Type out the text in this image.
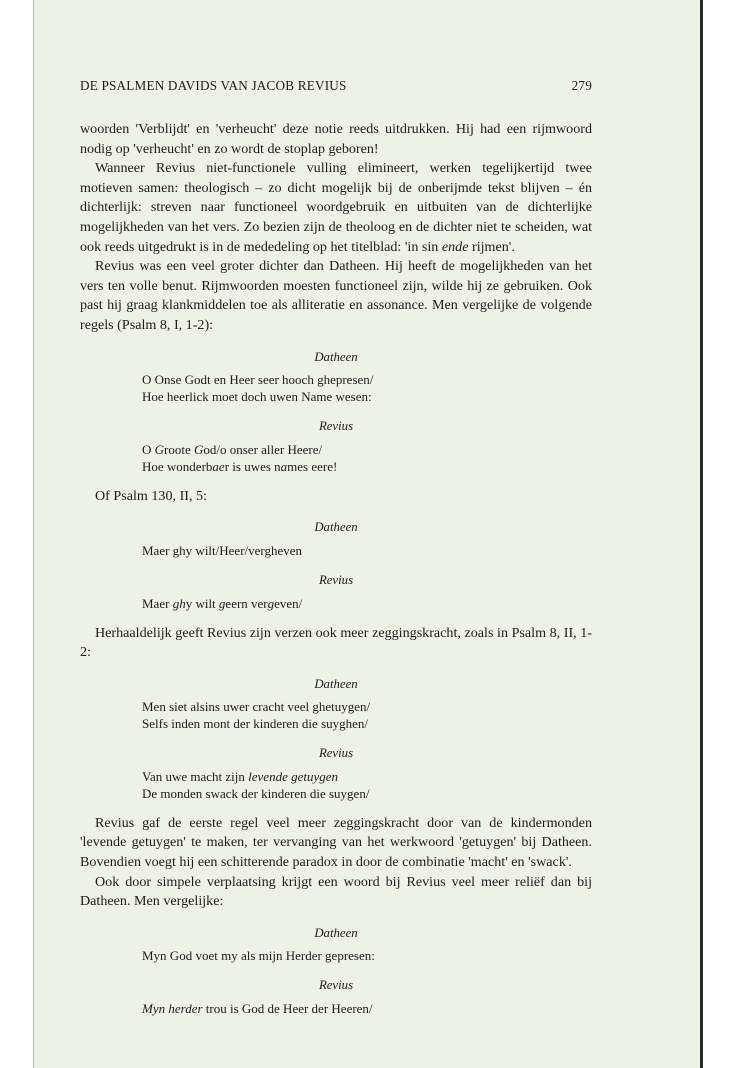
DE PSALMEN DAVIDS VAN JACOB REVIUS	279

woorden 'Verblijdt' en 'verheucht' deze notie reeds uitdrukken. Hij had een rijmwoord nodig op 'verheucht' en zo wordt de stoplap geboren!

Wanneer Revius niet-functionele vulling elimineert, werken tegelijkertijd twee motieven samen: theologisch – zo dicht mogelijk bij de onberijmde tekst blijven – én dichterlijk: streven naar functioneel woordgebruik en uitbuiten van de dichterlijke mogelijkheden van het vers. Zo bezien zijn de theoloog en de dichter niet te scheiden, wat ook reeds uitgedrukt is in de mededeling op het titelblad: 'in sin ende rijmen'.

Revius was een veel groter dichter dan Datheen. Hij heeft de mogelijkheden van het vers ten volle benut. Rijmwoorden moesten functioneel zijn, wilde hij ze gebruiken. Ook past hij graag klankmiddelen toe als alliteratie en assonance. Men vergelijke de volgende regels (Psalm 8, I, 1-2):

Datheen
O Onse Godt en Heer seer hooch ghepresen/
Hoe heerlick moet doch uwen Name wesen:
Revius
O Groote God/o onser aller Heere/
Hoe wonderbaer is uwes names eere!

Of Psalm 130, II, 5:

Datheen
Maer ghy wilt/Heer/vergheven
Revius
Maer ghy wilt geern vergeven/

Herhaaldelijk geeft Revius zijn verzen ook meer zeggingskracht, zoals in Psalm 8, II, 1-2:

Datheen
Men siet alsins uwer cracht veel ghetuygen/
Selfs inden mont der kinderen die suyghen/
Revius
Van uwe macht zijn levende getuygen
De monden swack der kinderen die suygen/

Revius gaf de eerste regel veel meer zeggingskracht door van de kindermonden 'levende getuygen' te maken, ter vervanging van het werkwoord 'getuygen' bij Datheen. Bovendien voegt hij een schitterende paradox in door de combinatie 'macht' en 'swack'.

Ook door simpele verplaatsing krijgt een woord bij Revius veel meer reliëf dan bij Datheen. Men vergelijke:

Datheen
Myn God voet my als mijn Herder gepresen:
Revius
Myn herder trou is God de Heer der Heeren/
